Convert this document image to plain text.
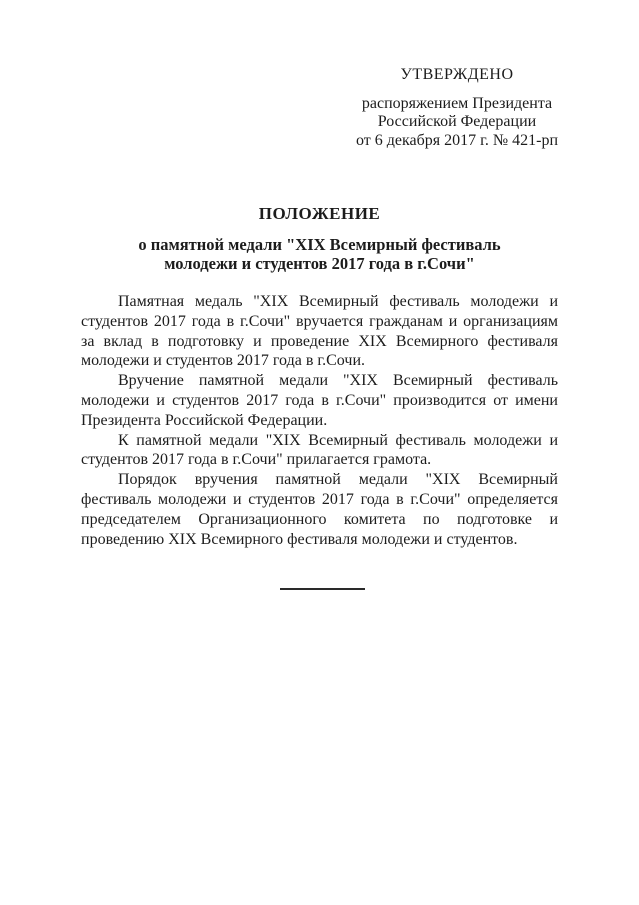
УТВЕРЖДЕНО
распоряжением Президента
Российской Федерации
от 6 декабря 2017 г. № 421-рп
ПОЛОЖЕНИЕ
о памятной медали "XIX Всемирный фестиваль
молодежи и студентов 2017 года в г.Сочи"

Памятная медаль "XIX Всемирный фестиваль молодежи и студентов 2017 года в г.Сочи" вручается гражданам и организациям за вклад в подготовку и проведение XIX Всемирного фестиваля молодежи и студентов 2017 года в г.Сочи.

Вручение памятной медали "XIX Всемирный фестиваль молодежи и студентов 2017 года в г.Сочи" производится от имени Президента Российской Федерации.

К памятной медали "XIX Всемирный фестиваль молодежи и студентов 2017 года в г.Сочи" прилагается грамота.

Порядок вручения памятной медали "XIX Всемирный фестиваль молодежи и студентов 2017 года в г.Сочи" определяется председателем Организационного комитета по подготовке и проведению XIX Всемирного фестиваля молодежи и студентов.
